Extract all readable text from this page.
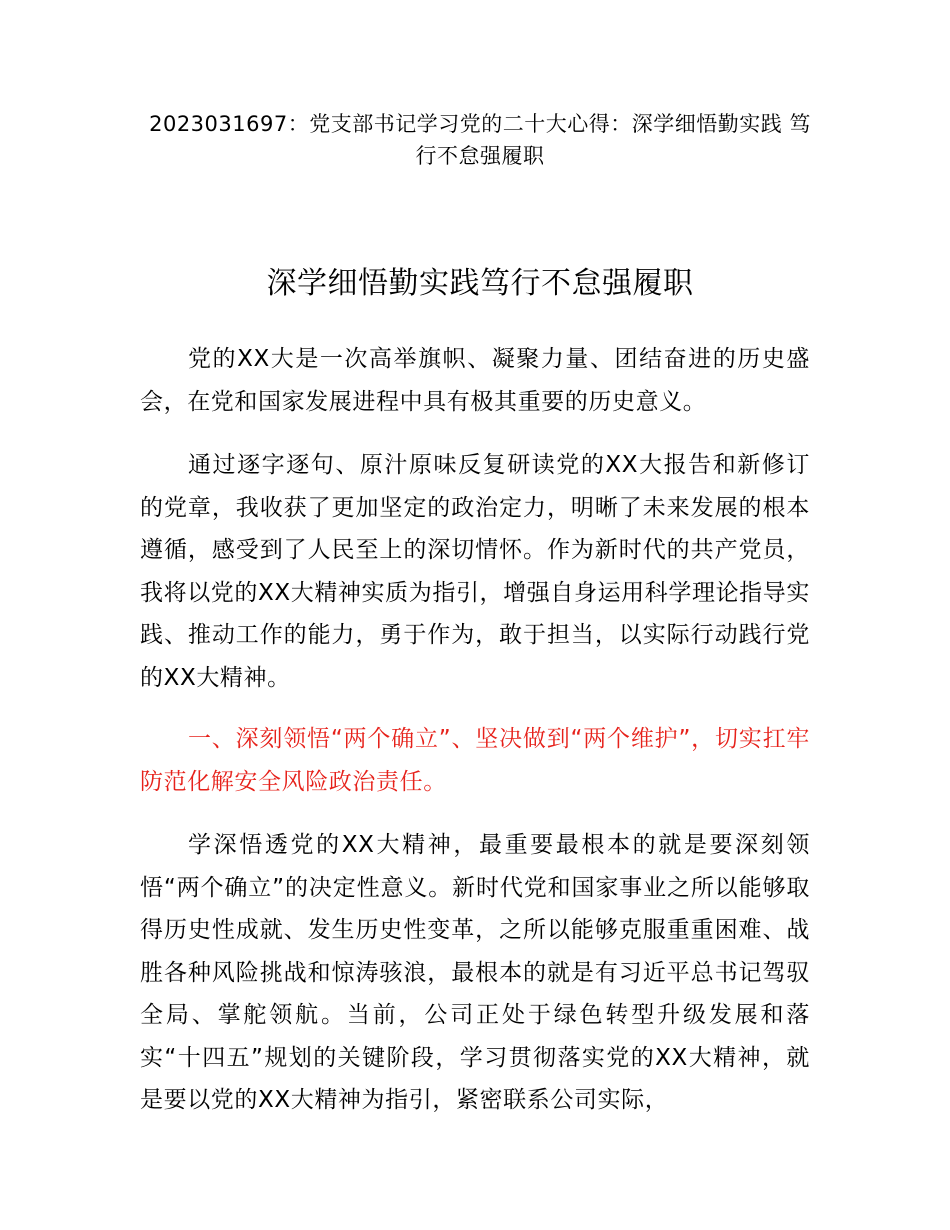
2023031697：党支部书记学习党的二十大心得：深学细悟勤实践 笃行不怠强履职
深学细悟勤实践笃行不怠强履职

党的XX大是一次高举旗帜、凝聚力量、团结奋进的历史盛会，在党和国家发展进程中具有极其重要的历史意义。

通过逐字逐句、原汁原味反复研读党的XX大报告和新修订的党章，我收获了更加坚定的政治定力，明晰了未来发展的根本遵循，感受到了人民至上的深切情怀。作为新时代的共产党员，我将以党的XX大精神实质为指引，增强自身运用科学理论指导实践、推动工作的能力，勇于作为，敢于担当，以实际行动践行党的XX大精神。

一、深刻领悟“两个确立”、坚决做到“两个维护”，切实扛牢防范化解安全风险政治责任。

学深悟透党的XX大精神，最重要最根本的就是要深刻领悟“两个确立”的决定性意义。新时代党和国家事业之所以能够取得历史性成就、发生历史性变革，之所以能够克服重重困难、战胜各种风险挑战和惊涛骇浪，最根本的就是有习近平总书记驾驭全局、掌舵领航。当前，公司正处于绿色转型升级发展和落实“十四五”规划的关键阶段，学习贯彻落实党的XX大精神，就是要以党的XX大精神为指引，紧密联系公司实际，
